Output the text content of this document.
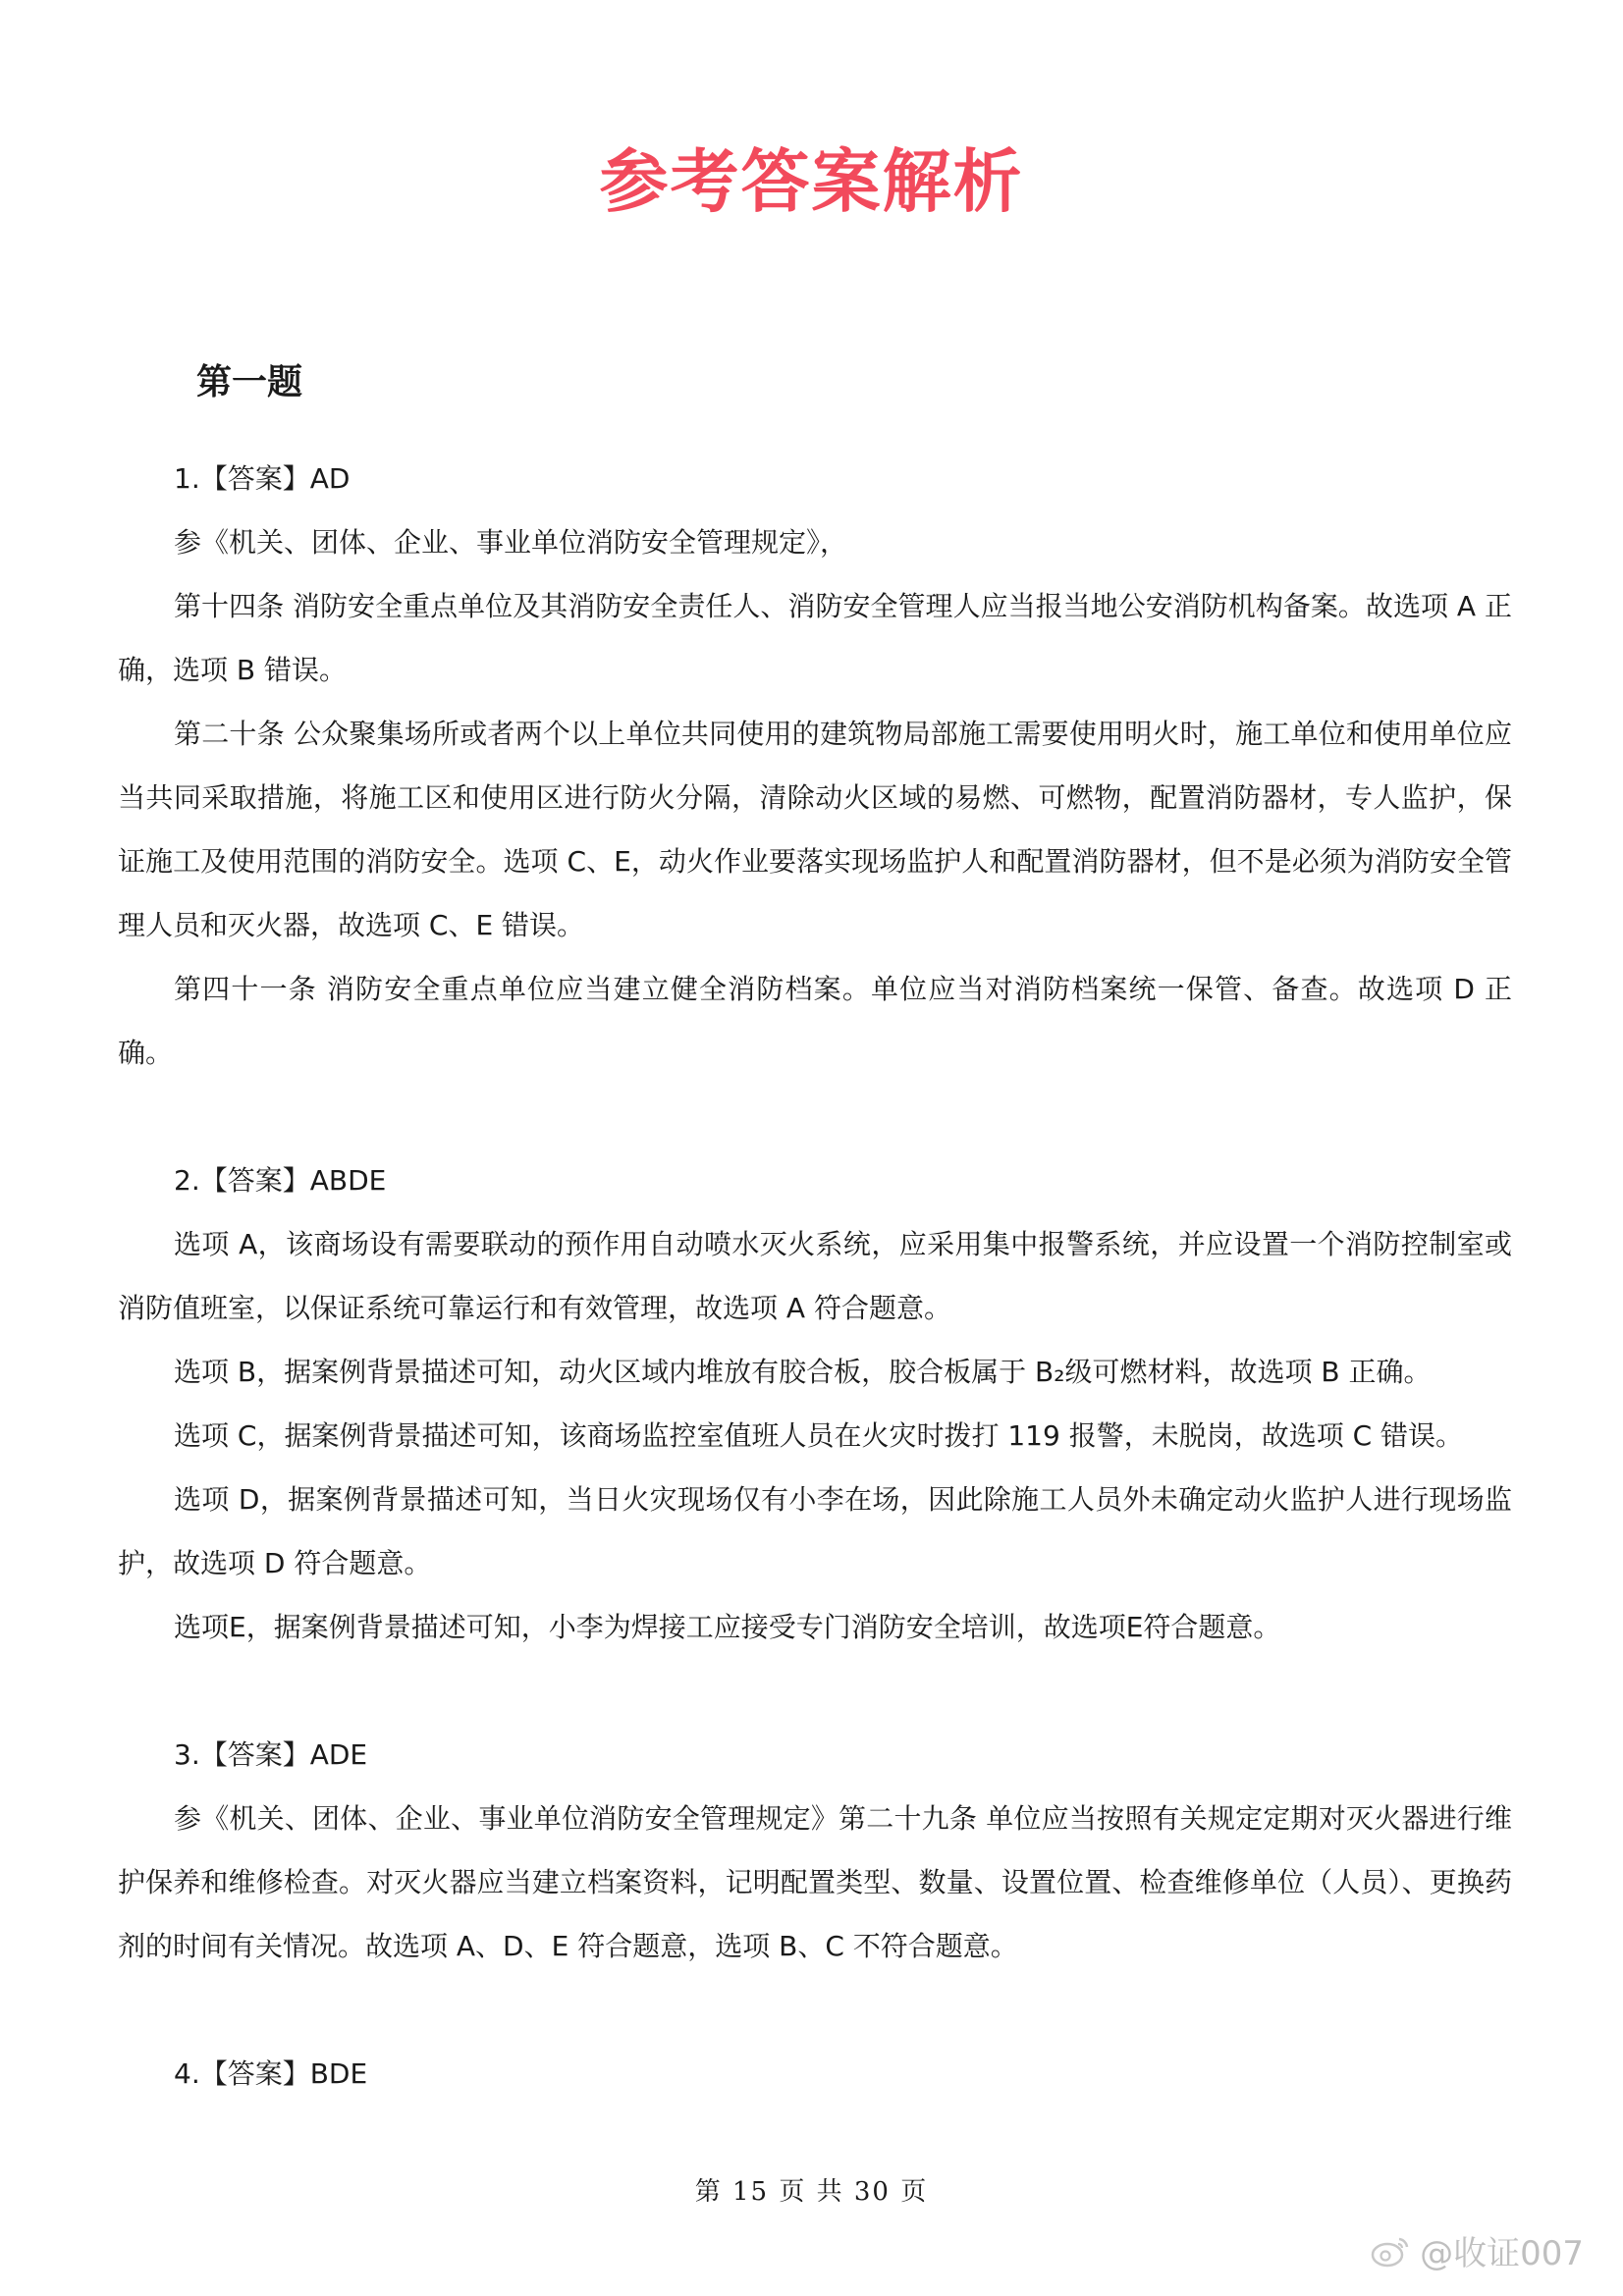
参考答案解析
第一题

1.【答案】AD

参《机关、团体、企业、事业单位消防安全管理规定》，

第十四条 消防安全重点单位及其消防安全责任人、消防安全管理人应当报当地公安消防机构备案。故选项 A 正确，选项 B 错误。

第二十条 公众聚集场所或者两个以上单位共同使用的建筑物局部施工需要使用明火时，施工单位和使用单位应当共同采取措施，将施工区和使用区进行防火分隔，清除动火区域的易燃、可燃物，配置消防器材，专人监护，保证施工及使用范围的消防安全。选项 C、E，动火作业要落实现场监护人和配置消防器材，但不是必须为消防安全管理人员和灭火器，故选项 C、E 错误。

第四十一条 消防安全重点单位应当建立健全消防档案。单位应当对消防档案统一保管、备查。故选项 D 正确。

2.【答案】ABDE

选项 A，该商场设有需要联动的预作用自动喷水灭火系统，应采用集中报警系统，并应设置一个消防控制室或消防值班室，以保证系统可靠运行和有效管理，故选项 A 符合题意。

选项 B，据案例背景描述可知，动火区域内堆放有胶合板，胶合板属于 B₂级可燃材料，故选项 B 正确。

选项 C，据案例背景描述可知，该商场监控室值班人员在火灾时拨打 119 报警，未脱岗，故选项 C 错误。

选项 D，据案例背景描述可知，当日火灾现场仅有小李在场，因此除施工人员外未确定动火监护人进行现场监护，故选项 D 符合题意。

选项E，据案例背景描述可知，小李为焊接工应接受专门消防安全培训，故选项E符合题意。

3.【答案】ADE

参《机关、团体、企业、事业单位消防安全管理规定》第二十九条 单位应当按照有关规定定期对灭火器进行维护保养和维修检查。对灭火器应当建立档案资料，记明配置类型、数量、设置位置、检查维修单位（人员）、更换药剂的时间有关情况。故选项 A、D、E 符合题意，选项 B、C 不符合题意。

4.【答案】BDE

第 15 页 共 30 页
@收证007
